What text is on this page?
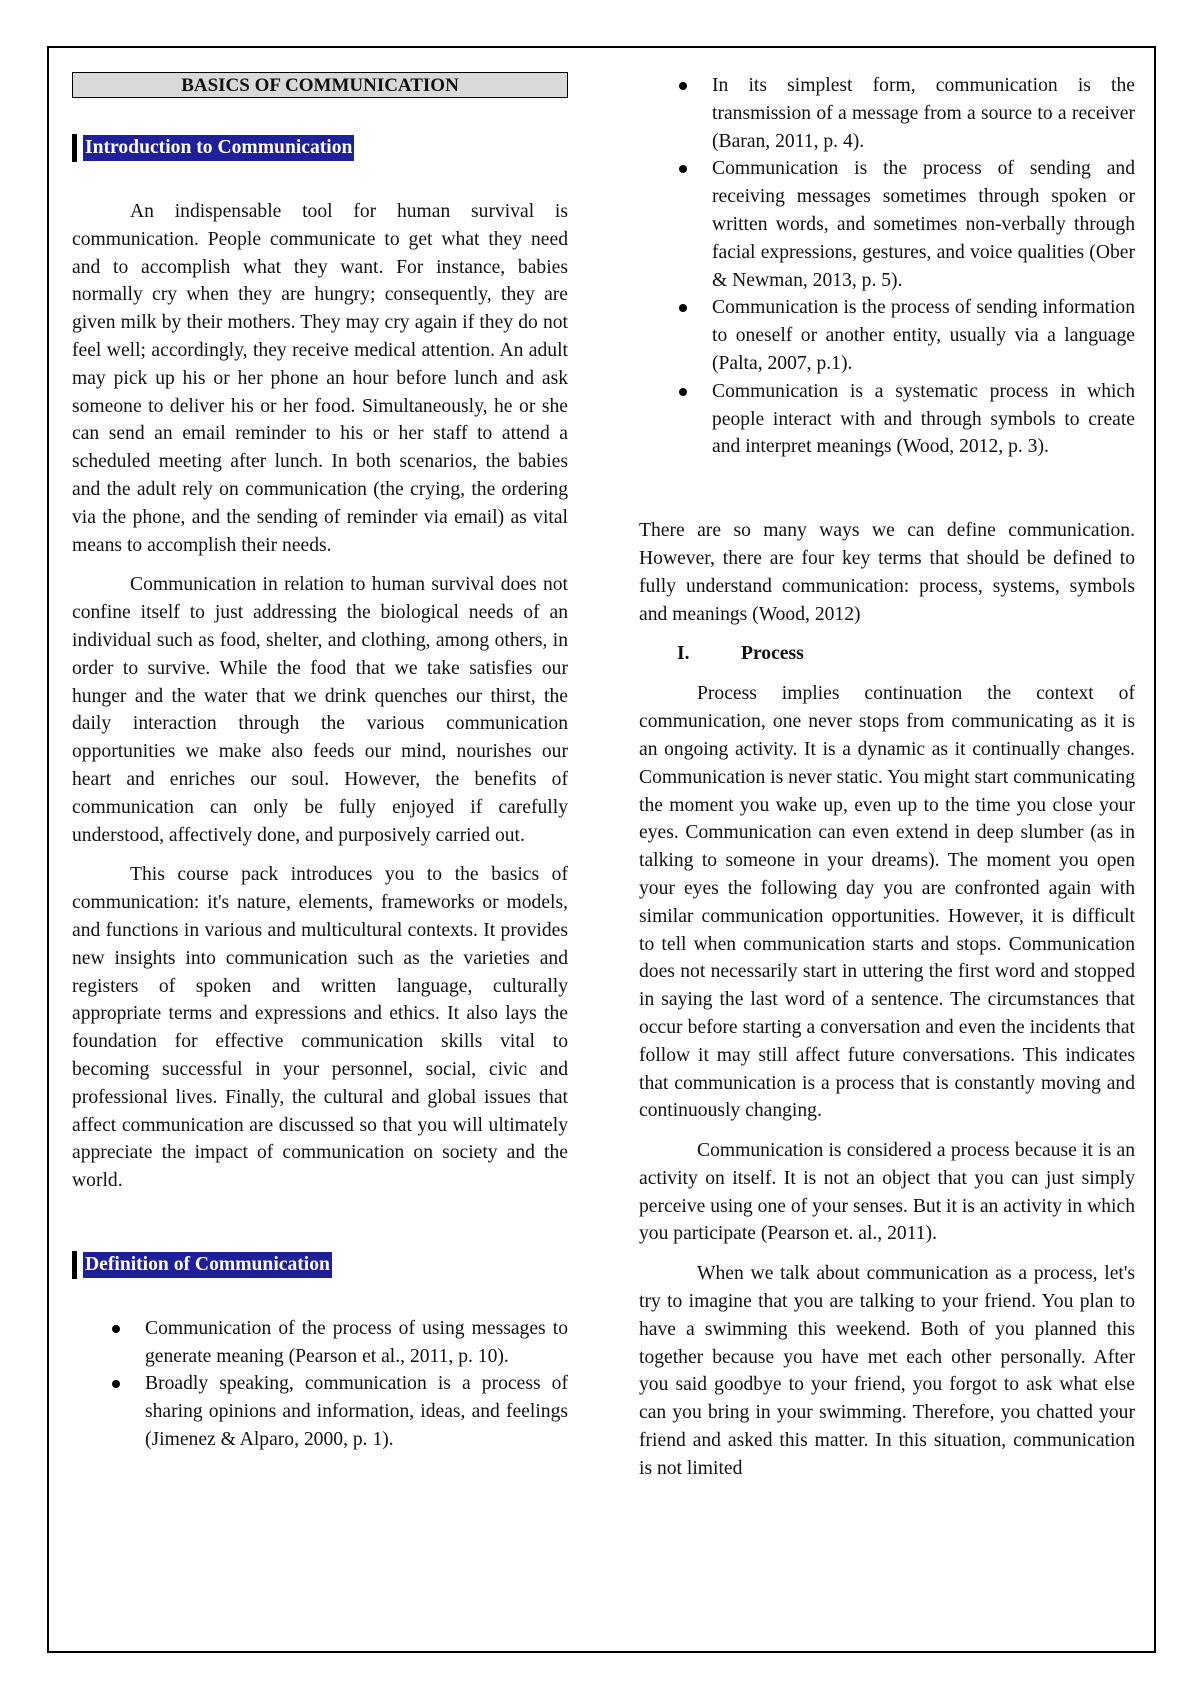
BASICS OF COMMUNICATION
Introduction to Communication

An indispensable tool for human survival is communication. People communicate to get what they need and to accomplish what they want. For instance, babies normally cry when they are hungry; consequently, they are given milk by their mothers. They may cry again if they do not feel well; accordingly, they receive medical attention. An adult may pick up his or her phone an hour before lunch and ask someone to deliver his or her food. Simultaneously, he or she can send an email reminder to his or her staff to attend a scheduled meeting after lunch. In both scenarios, the babies and the adult rely on communication (the crying, the ordering via the phone, and the sending of reminder via email) as vital means to accomplish their needs.

Communication in relation to human survival does not confine itself to just addressing the biological needs of an individual such as food, shelter, and clothing, among others, in order to survive. While the food that we take satisfies our hunger and the water that we drink quenches our thirst, the daily interaction through the various communication opportunities we make also feeds our mind, nourishes our heart and enriches our soul. However, the benefits of communication can only be fully enjoyed if carefully understood, affectively done, and purposively carried out.

This course pack introduces you to the basics of communication: it's nature, elements, frameworks or models, and functions in various and multicultural contexts. It provides new insights into communication such as the varieties and registers of spoken and written language, culturally appropriate terms and expressions and ethics. It also lays the foundation for effective communication skills vital to becoming successful in your personnel, social, civic and professional lives. Finally, the cultural and global issues that affect communication are discussed so that you will ultimately appreciate the impact of communication on society and the world.

Definition of Communication
Communication of the process of using messages to generate meaning (Pearson et al., 2011, p. 10).
Broadly speaking, communication is a process of sharing opinions and information, ideas, and feelings (Jimenez & Alparo, 2000, p. 1).
In its simplest form, communication is the transmission of a message from a source to a receiver (Baran, 2011, p. 4).
Communication is the process of sending and receiving messages sometimes through spoken or written words, and sometimes non-verbally through facial expressions, gestures, and voice qualities (Ober & Newman, 2013, p. 5).
Communication is the process of sending information to oneself or another entity, usually via a language (Palta, 2007, p.1).
Communication is a systematic process in which people interact with and through symbols to create and interpret meanings (Wood, 2012, p. 3).

There are so many ways we can define communication. However, there are four key terms that should be defined to fully understand communication: process, systems, symbols and meanings (Wood, 2012)

I.	Process

Process implies continuation the context of communication, one never stops from communicating as it is an ongoing activity. It is a dynamic as it continually changes. Communication is never static. You might start communicating the moment you wake up, even up to the time you close your eyes. Communication can even extend in deep slumber (as in talking to someone in your dreams). The moment you open your eyes the following day you are confronted again with similar communication opportunities. However, it is difficult to tell when communication starts and stops. Communication does not necessarily start in uttering the first word and stopped in saying the last word of a sentence. The circumstances that occur before starting a conversation and even the incidents that follow it may still affect future conversations. This indicates that communication is a process that is constantly moving and continuously changing.

Communication is considered a process because it is an activity on itself. It is not an object that you can just simply perceive using one of your senses. But it is an activity in which you participate (Pearson et. al., 2011).

When we talk about communication as a process, let's try to imagine that you are talking to your friend. You plan to have a swimming this weekend. Both of you planned this together because you have met each other personally. After you said goodbye to your friend, you forgot to ask what else can you bring in your swimming. Therefore, you chatted your friend and asked this matter. In this situation, communication is not limited
